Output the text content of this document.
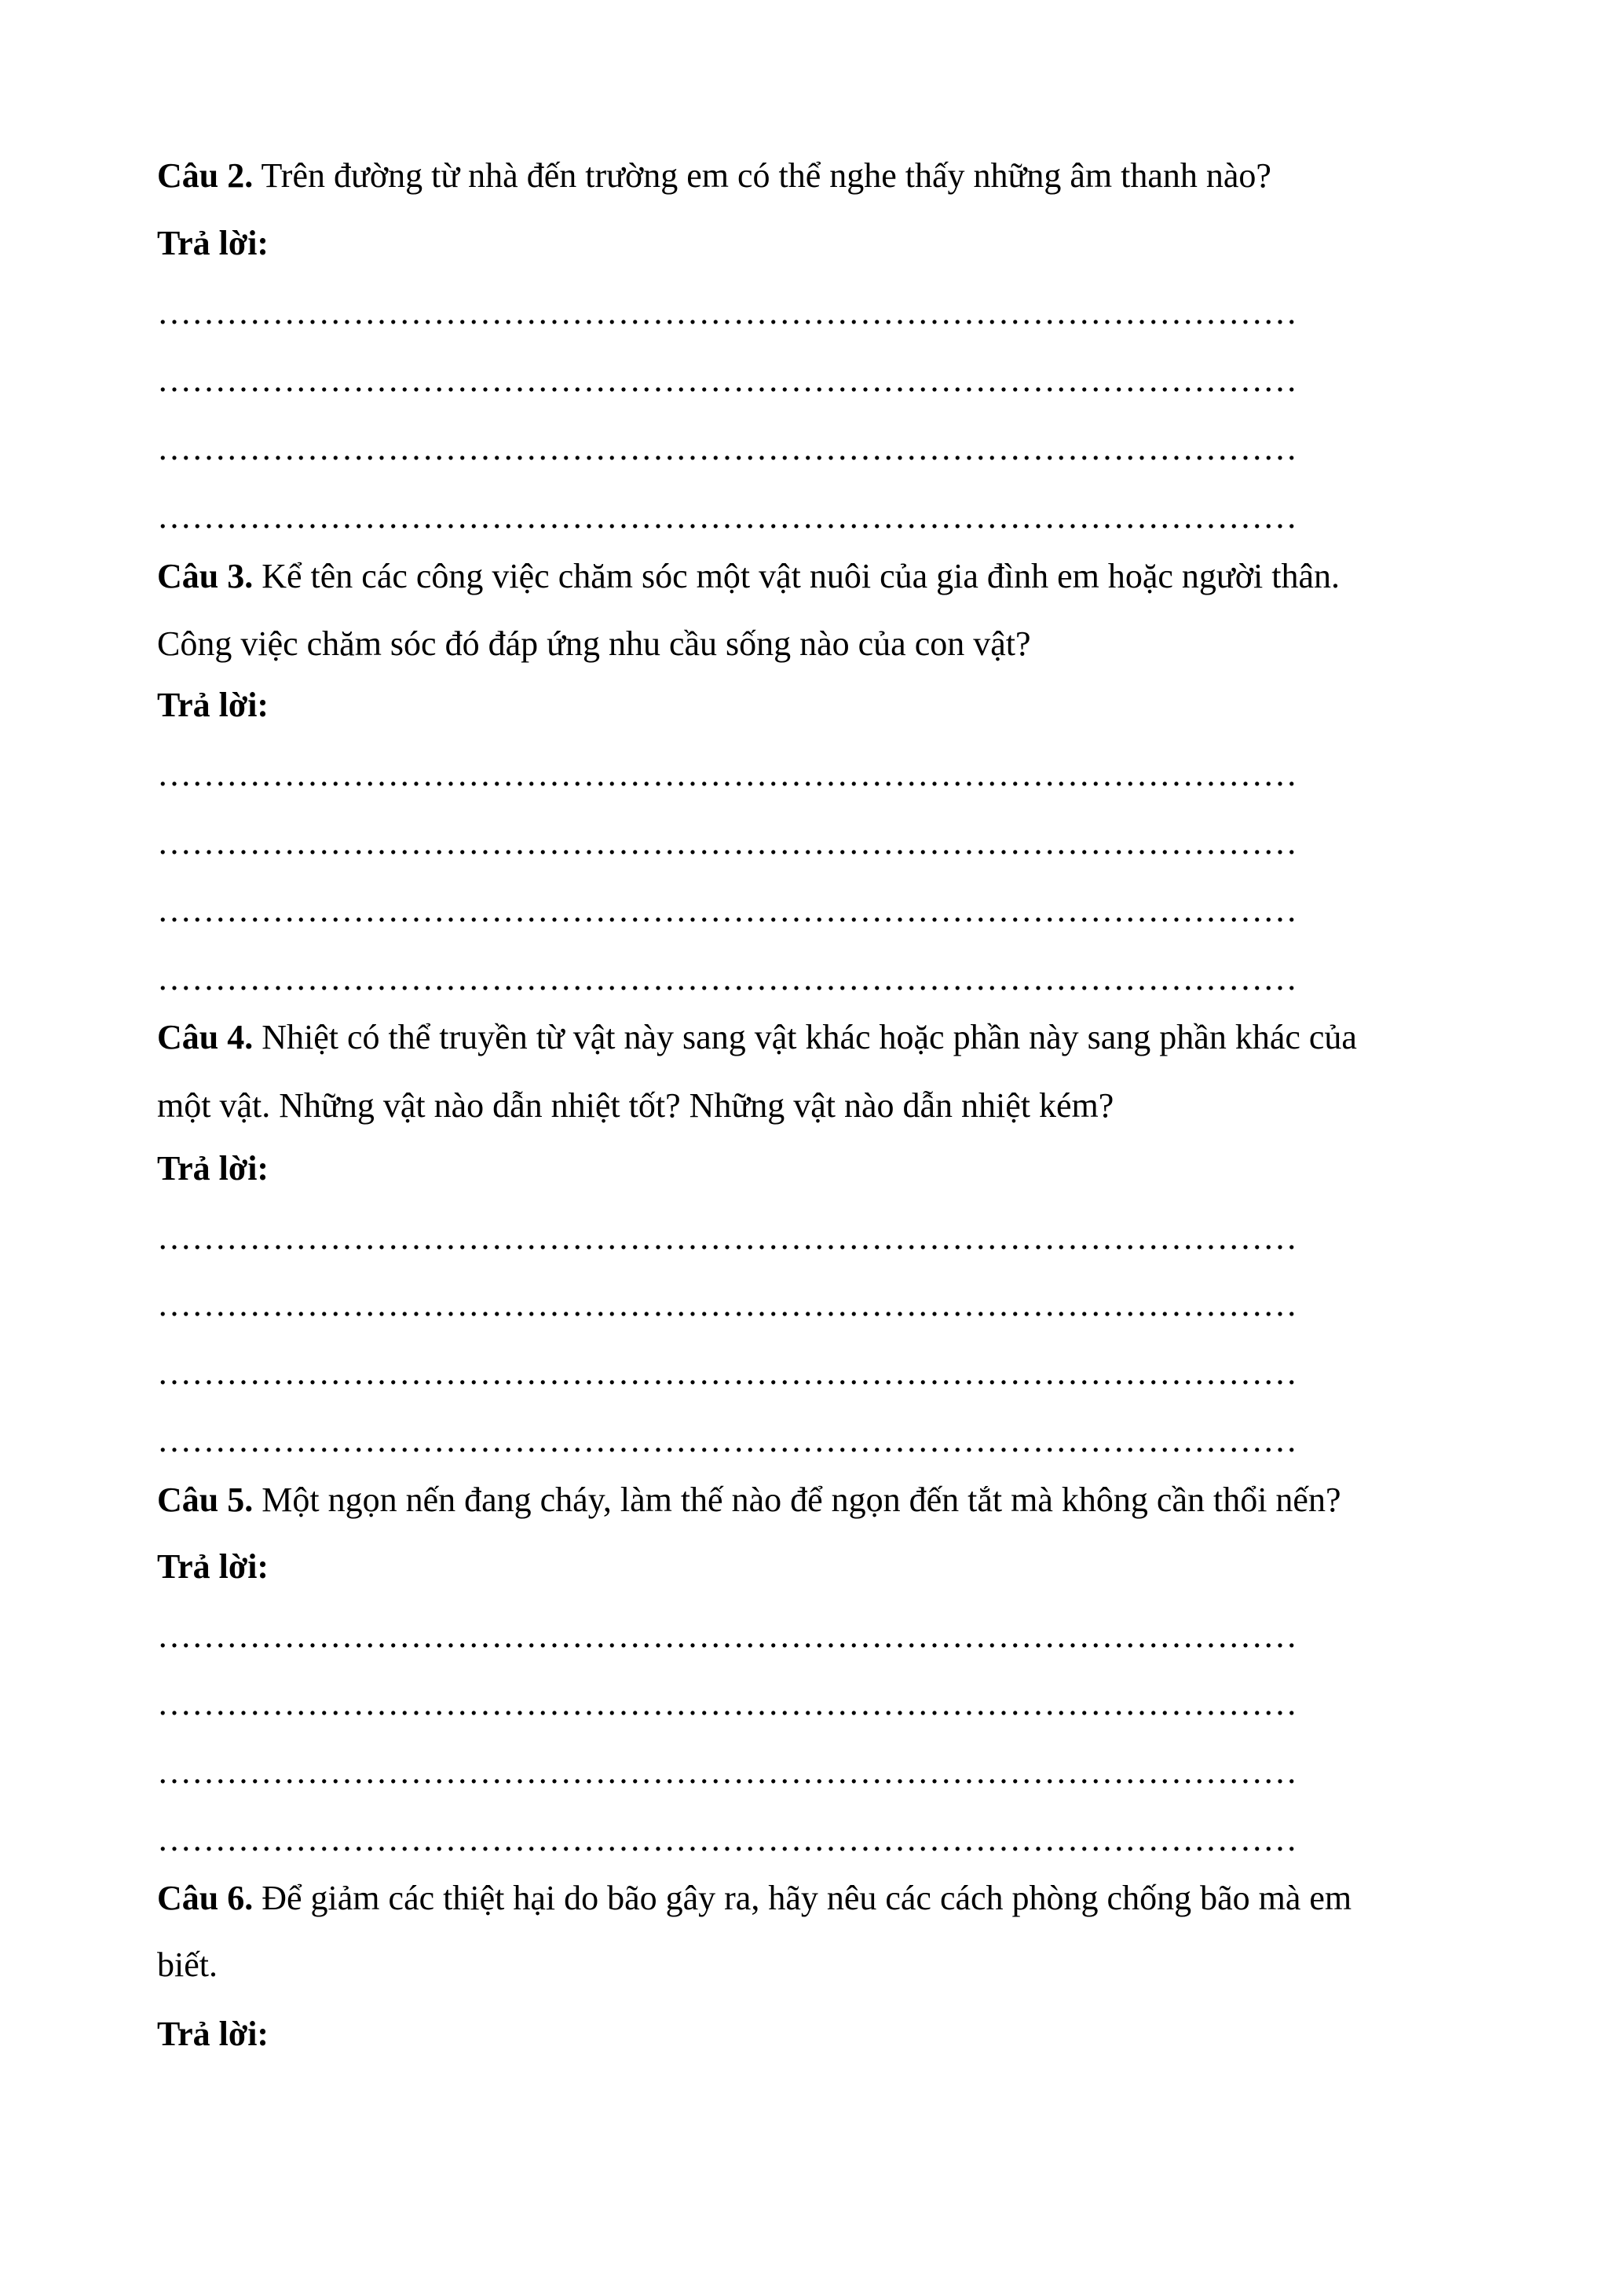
Câu 2. Trên đường từ nhà đến trường em có thể nghe thấy những âm thanh nào?
Trả lời:
………………………………………………………………………………………
………………………………………………………………………………………
………………………………………………………………………………………
………………………………………………………………………………………
Câu 3. Kể tên các công việc chăm sóc một vật nuôi của gia đình em hoặc người thân.
Công việc chăm sóc đó đáp ứng nhu cầu sống nào của con vật?
Trả lời:
………………………………………………………………………………………
………………………………………………………………………………………
………………………………………………………………………………………
………………………………………………………………………………………
Câu 4. Nhiệt có thể truyền từ vật này sang vật khác hoặc phần này sang phần khác của
một vật. Những vật nào dẫn nhiệt tốt? Những vật nào dẫn nhiệt kém?
Trả lời:
………………………………………………………………………………………
………………………………………………………………………………………
………………………………………………………………………………………
………………………………………………………………………………………
Câu 5. Một ngọn nến đang cháy, làm thế nào để ngọn đến tắt mà không cần thổi nến?
Trả lời:
………………………………………………………………………………………
………………………………………………………………………………………
………………………………………………………………………………………
………………………………………………………………………………………
Câu 6. Để giảm các thiệt hại do bão gây ra, hãy nêu các cách phòng chống bão mà em
biết.
Trả lời:
